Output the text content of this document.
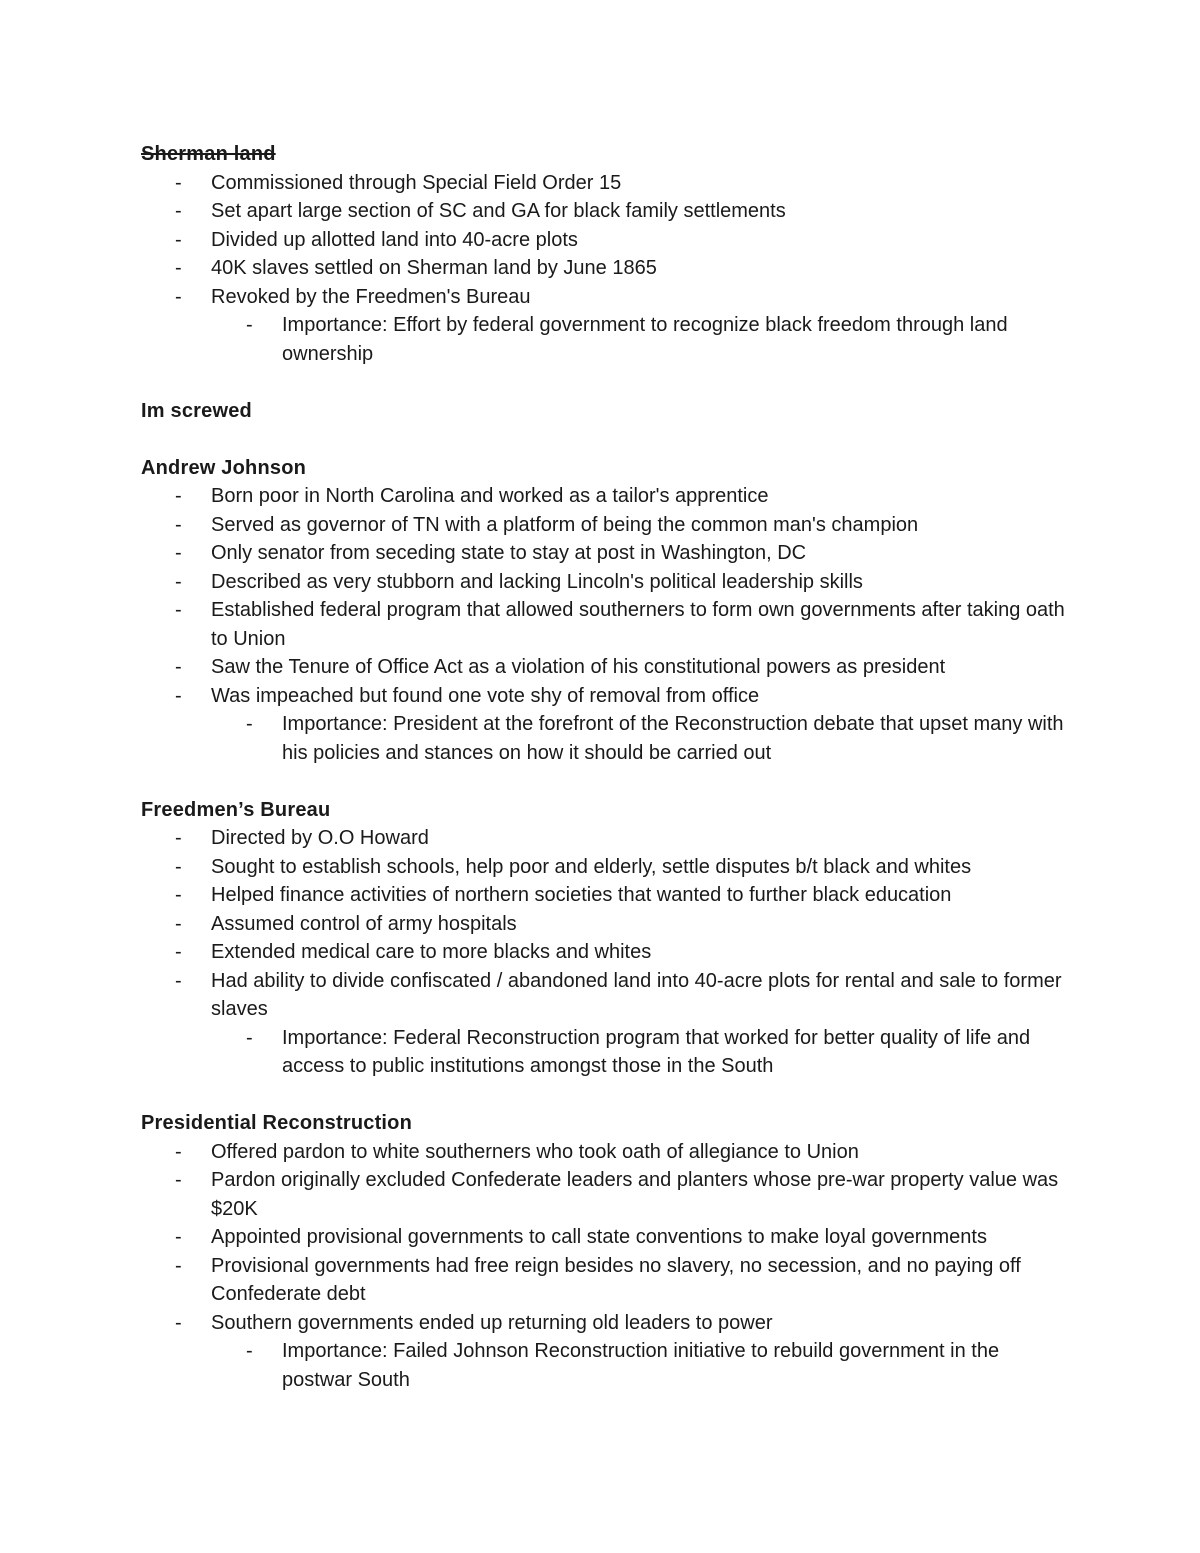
Sherman land
- Commissioned through Special Field Order 15
- Set apart large section of SC and GA for black family settlements
- Divided up allotted land into 40-acre plots
- 40K slaves settled on Sherman land by June 1865
- Revoked by the Freedmen's Bureau
- Importance: Effort by federal government to recognize black freedom through land ownership
Im screwed
Andrew Johnson
- Born poor in North Carolina and worked as a tailor's apprentice
- Served as governor of TN with a platform of being the common man's champion
- Only senator from seceding state to stay at post in Washington, DC
- Described as very stubborn and lacking Lincoln's political leadership skills
- Established federal program that allowed southerners to form own governments after taking oath to Union
- Saw the Tenure of Office Act as a violation of his constitutional powers as president
- Was impeached but found one vote shy of removal from office
- Importance: President at the forefront of the Reconstruction debate that upset many with his policies and stances on how it should be carried out
Freedmen’s Bureau
- Directed by O.O Howard
- Sought to establish schools, help poor and elderly, settle disputes b/t black and whites
- Helped finance activities of northern societies that wanted to further black education
- Assumed control of army hospitals
- Extended medical care to more blacks and whites
- Had ability to divide confiscated / abandoned land into 40-acre plots for rental and sale to former slaves
- Importance: Federal Reconstruction program that worked for better quality of life and access to public institutions amongst those in the South
Presidential Reconstruction
- Offered pardon to white southerners who took oath of allegiance to Union
- Pardon originally excluded Confederate leaders and planters whose pre-war property value was $20K
- Appointed provisional governments to call state conventions to make loyal governments
- Provisional governments had free reign besides no slavery, no secession, and no paying off Confederate debt
- Southern governments ended up returning old leaders to power
- Importance: Failed Johnson Reconstruction initiative to rebuild government in the postwar South
